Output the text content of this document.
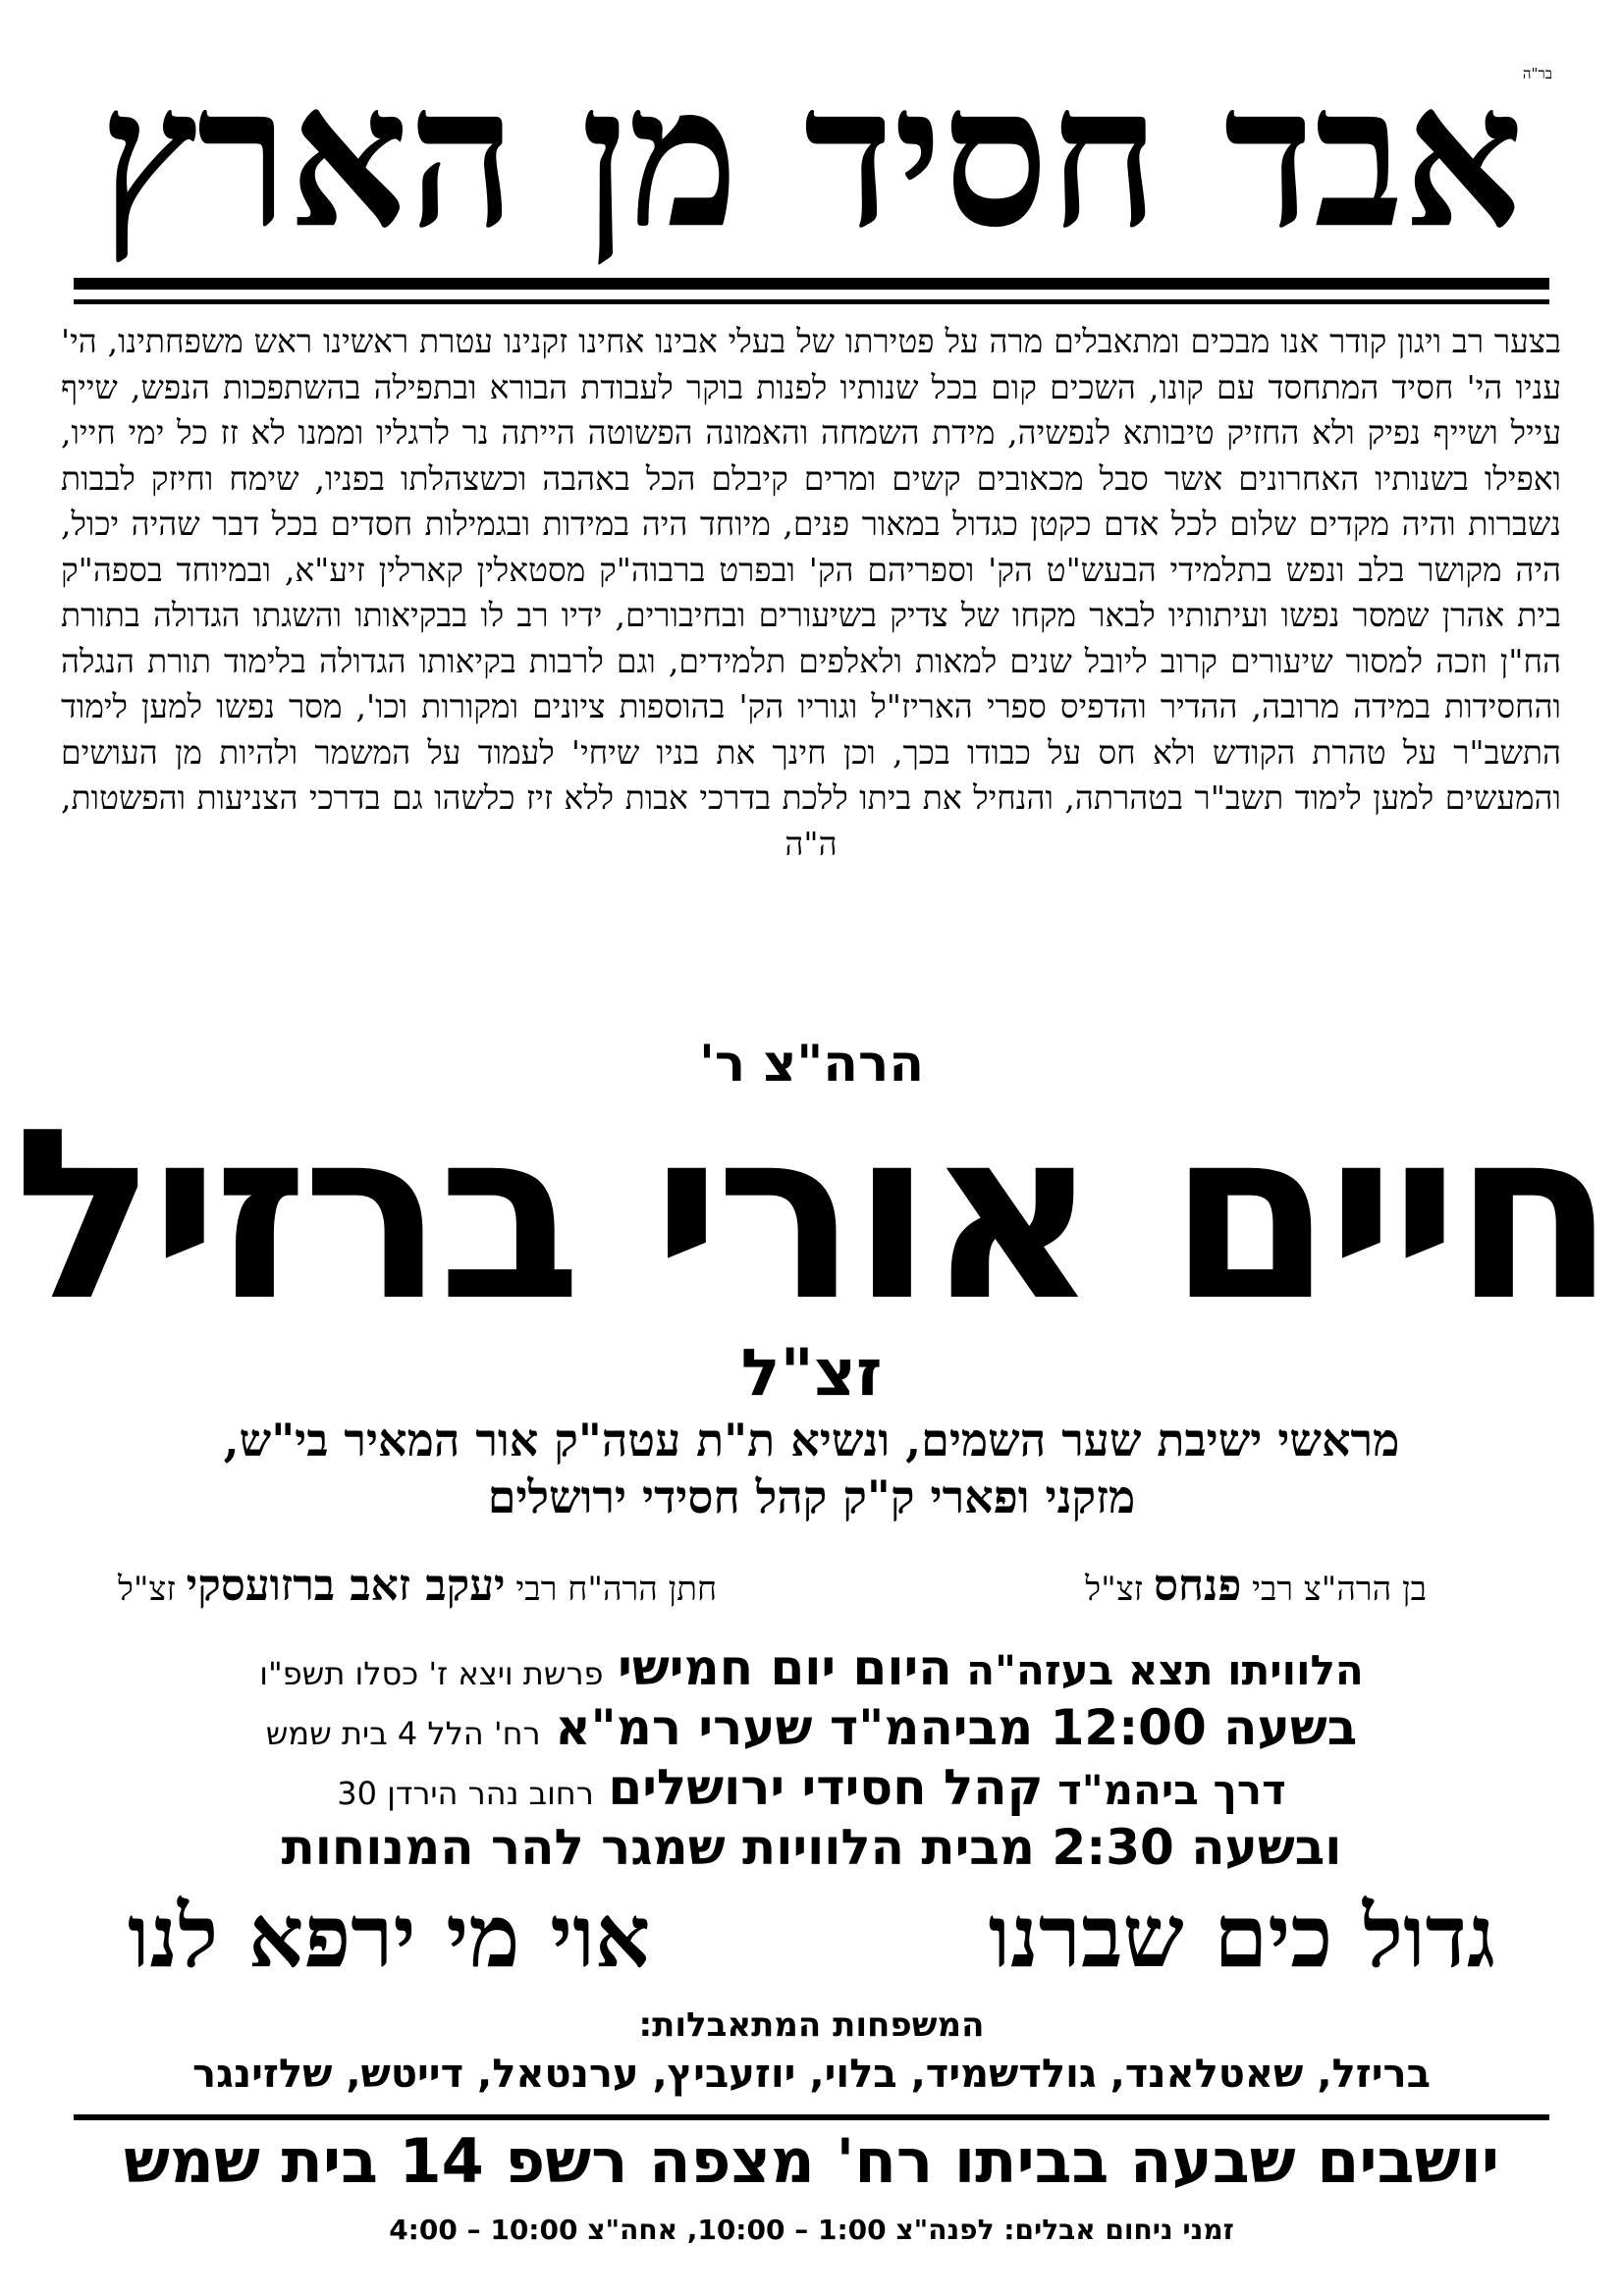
בר"ה
אבד חסיד מן הארץ
בצער רב ויגון קודר אנו מבכים ומתאבלים מרה על פטירתו של בעלי אבינו אחינו זקנינו עטרת ראשינו ראש משפחתינו, הי' עניו הי' חסיד המתחסד עם קונו, השכים קום בכל שנותיו לפנות בוקר לעבודת הבורא ובתפילה בהשתפכות הנפש, שייף עייל ושייף נפיק ולא החזיק טיבותא לנפשיה, מידת השמחה והאמונה הפשוטה הייתה נר לרגליו וממנו לא זז כל ימי חייו, ואפילו בשנותיו האחרונים אשר סבל מכאובים קשים ומרים קיבלם הכל באהבה וכשצהלתו בפניו, שימח וחיזק לבבות נשברות והיה מקדים שלום לכל אדם כקטן כגדול במאור פנים, מיוחד היה במידות ובגמילות חסדים בכל דבר שהיה יכול, היה מקושר בלב ונפש בתלמידי הבעש"ט הק' וספריהם הק' ובפרט ברבוה"ק מסטאלין קארלין זיע"א, ובמיוחד בספה"ק בית אהרן שמסר נפשו ועיתותיו לבאר מקחו של צדיק בשיעורים ובחיבורים, ידיו רב לו בבקיאותו והשגתו הגדולה בתורת הח"ן וזכה למסור שיעורים קרוב ליובל שנים למאות ולאלפים תלמידים, וגם לרבות בקיאותו הגדולה בלימוד תורת הנגלה והחסידות במידה מרובה, ההדיר והדפיס ספרי האריז"ל וגוריו הק' בהוספות ציונים ומקורות וכו', מסר נפשו למען לימוד התשב"ר על טהרת הקודש ולא חס על כבודו בכך, וכן חינך את בניו שיחי' לעמוד על המשמר ולהיות מן העושים והמעשים למען לימוד תשב"ר בטהרתה, והנחיל את ביתו ללכת בדרכי אבות ללא זיז כלשהו גם בדרכי הצניעות והפשטות, ה"ה
הרה"צ ר'
חיים אורי ברזיל
זצ"ל
מראשי ישיבת שער השמים, ונשיא ת"ת עטה"ק אור המאיר בי"ש,
מזקני ופארי ק"ק קהל חסידי ירושלים
בן הרה"צ רבי פנחס זצ"ל
חתן הרה"ח רבי יעקב זאב ברזועסקי זצ"ל
הלוויתו תצא בעזה"ה היום יום חמישי פרשת ויצא ז' כסלו תשפ"ו
בשעה 12:00 מביהמ"ד שערי רמ"א רח' הלל 4 בית שמש
דרך ביהמ"ד קהל חסידי ירושלים רחוב נהר הירדן 30
ובשעה 2:30 מבית הלוויות שמגר להר המנוחות
גדול כים שברנו
אוי מי ירפא לנו
המשפחות המתאבלות:
בריזל, שאטלאנד, גולדשמיד, בלוי, יוזעביץ, ערנטאל, דייטש, שלזינגר
יושבים שבעה בביתו רח' מצפה רשפ 14 בית שמש
זמני ניחום אבלים: לפנה"צ 1:00 – 10:00, אחה"צ 10:00 – 4:00
